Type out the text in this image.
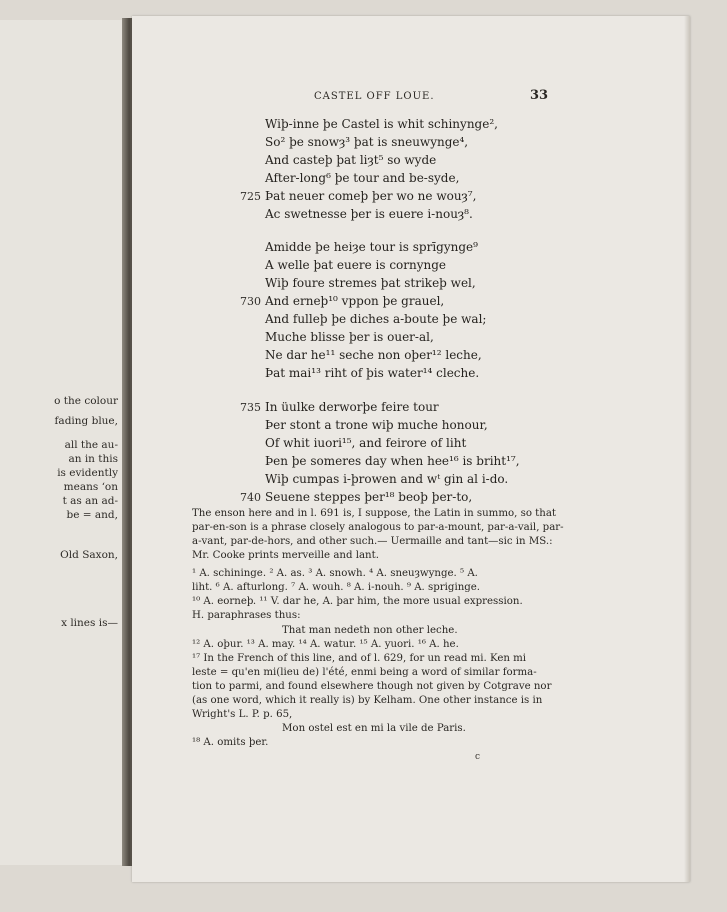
o the colour
fading blue,
all the au-
an in this
is evidently
means ‘on
t as an ad-
be = and,
Old Saxon,
x lines is—
CASTEL OFF LOUE.	33
Wiþ-inne þe Castel is whit schinynge²,
So² þe snowȝ³ þat is sneuwynge⁴,
And casteþ þat liȝt⁵ so wyde
After-long⁶ þe tour and be-syde,
725 Þat neuer comeþ þer wo ne wouȝ⁷,
Ac swetnesse þer is euere i-nouȝ⁸.
Amidde þe heiȝe tour is sprīgynge⁹
A welle þat euere is cornynge
Wiþ foure stremes þat strikeþ wel,
730 And erneþ¹⁰ vppon þe grauel,
And fulleþ þe diches a-boute þe wal;
Muche blisse þer is ouer-al,
Ne dar he¹¹ seche non oþer¹² leche,
Þat mai¹³ riht of þis water¹⁴ cleche.
735 In üulke derworþe feire tour
Þer stont a trone wiþ muche honour,
Of whit iuori¹⁵, and feirore of liht
Þen þe someres day when hee¹⁶ is briht¹⁷,
Wiþ cumpas i-þrowen and wᵗ gin al i-do.
740 Seuene steppes þer¹⁸ beoþ þer-to,
The enson here and in l. 691 is, I suppose, the Latin in summo, so that
par-en-son is a phrase closely analogous to par-a-mount, par-a-vail, par-
a-vant, par-de-hors, and other such.— Uermaille and tant—sic in MS.:
Mr. Cooke prints merveille and lant.
¹ A. schininge. ² A. as. ³ A. snowh. ⁴ A. sneuȝwynge. ⁵ A.
liht. ⁶ A. afturlong. ⁷ A. wouh. ⁸ A. i-nouh. ⁹ A. sprigingе.
¹⁰ A. eorneþ. ¹¹ V. dar he, A. þar him, the more usual expression.
H. paraphrases thus:
That man nedeth non other leche.
¹² A. oþur. ¹³ A. may. ¹⁴ A. watur. ¹⁵ A. yuori. ¹⁶ A. he.
¹⁷ In the French of this line, and of l. 629, for un read mi. Ken mi
leste = qu'en mi(lieu de) l'été, enmi being a word of similar forma-
tion to parmi, and found elsewhere though not given by Cotgrave nor
(as one word, which it really is) by Kelham. One other instance is in
Wright's L. P. p. 65,
Mon ostel est en mi la vile de Paris.
¹⁸ A. omits þer.
c
